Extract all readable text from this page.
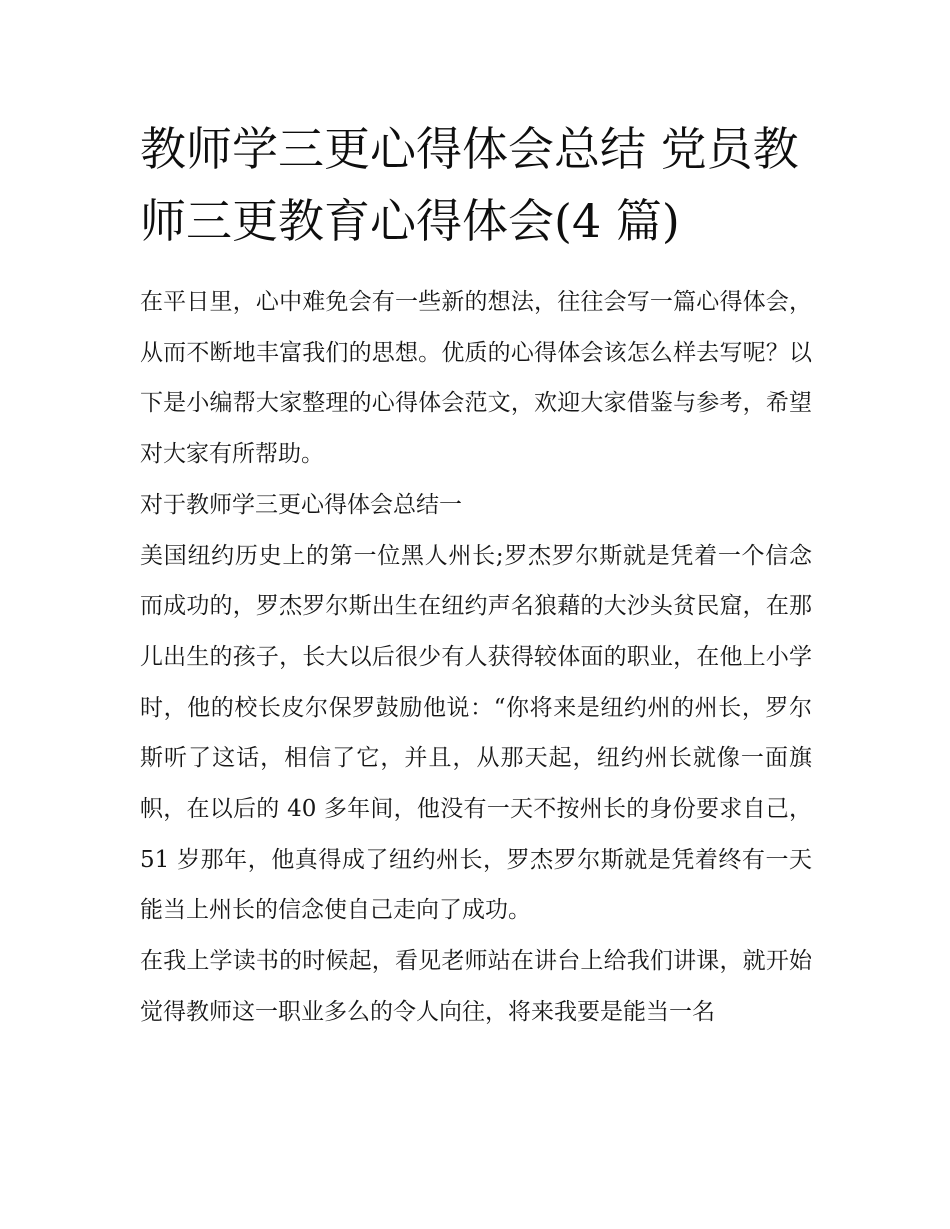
教师学三更心得体会总结 党员教师三更教育心得体会(4 篇)

在平日里，心中难免会有一些新的想法，往往会写一篇心得体会，从而不断地丰富我们的思想。优质的心得体会该怎么样去写呢？以下是小编帮大家整理的心得体会范文，欢迎大家借鉴与参考，希望对大家有所帮助。

对于教师学三更心得体会总结一

美国纽约历史上的第一位黑人州长;罗杰罗尔斯就是凭着一个信念而成功的，罗杰罗尔斯出生在纽约声名狼藉的大沙头贫民窟，在那儿出生的孩子，长大以后很少有人获得较体面的职业，在他上小学时，他的校长皮尔保罗鼓励他说：“你将来是纽约州的州长，罗尔斯听了这话，相信了它，并且，从那天起，纽约州长就像一面旗帜，在以后的 40 多年间，他没有一天不按州长的身份要求自己，51 岁那年，他真得成了纽约州长，罗杰罗尔斯就是凭着终有一天能当上州长的信念使自己走向了成功。

在我上学读书的时候起，看见老师站在讲台上给我们讲课，就开始觉得教师这一职业多么的令人向往，将来我要是能当一名
